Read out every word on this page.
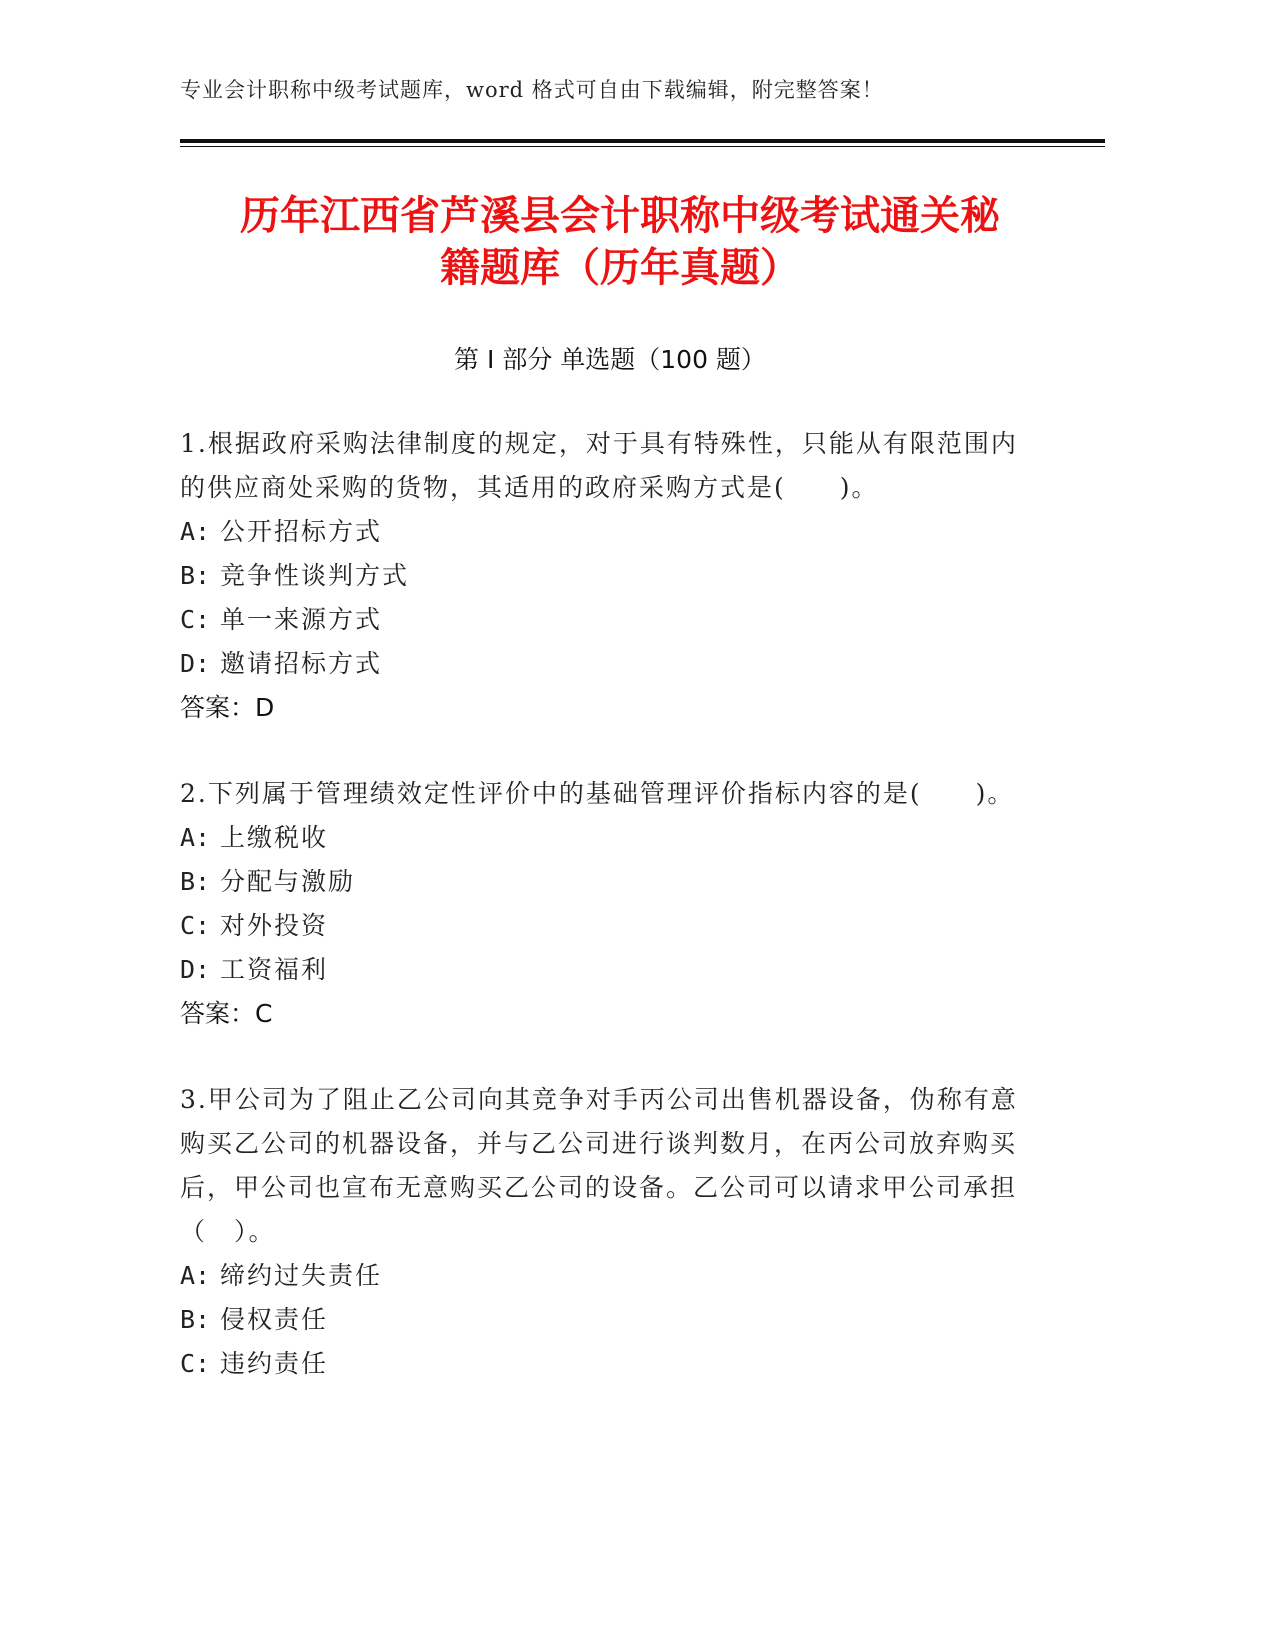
专业会计职称中级考试题库，word 格式可自由下载编辑，附完整答案！
历年江西省芦溪县会计职称中级考试通关秘
籍题库（历年真题）
第 I 部分 单选题（100 题）
1.根据政府采购法律制度的规定，对于具有特殊性，只能从有限范围内的供应商处采购的货物，其适用的政府采购方式是(　　)。
A: 公开招标方式
B: 竞争性谈判方式
C: 单一来源方式
D: 邀请招标方式
答案：D
2.下列属于管理绩效定性评价中的基础管理评价指标内容的是(　　)。
A: 上缴税收
B: 分配与激励
C: 对外投资
D: 工资福利
答案：C
3.甲公司为了阻止乙公司向其竞争对手丙公司出售机器设备，伪称有意购买乙公司的机器设备，并与乙公司进行谈判数月，在丙公司放弃购买后，甲公司也宣布无意购买乙公司的设备。乙公司可以请求甲公司承担（　）。
A: 缔约过失责任
B: 侵权责任
C: 违约责任
